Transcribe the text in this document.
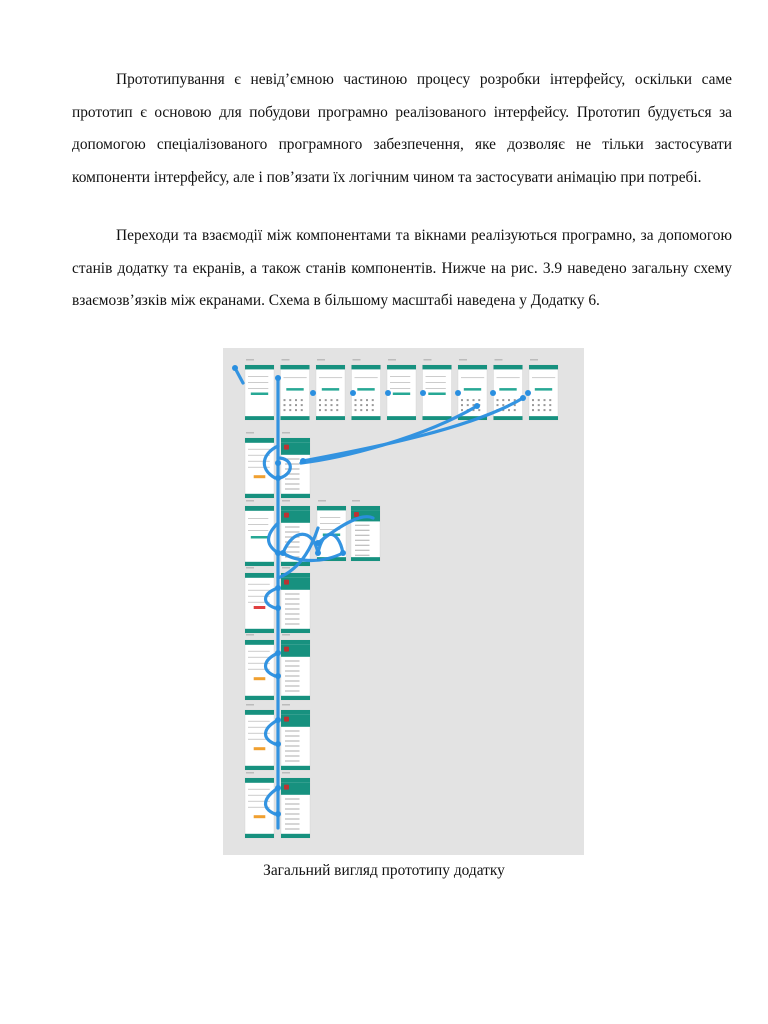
Прототипування є невід’ємною частиною процесу розробки інтерфейсу, оскільки саме прототип є основою для побудови програмно реалізованого інтерфейсу. Прототип будується за допомогою спеціалізованого програмного забезпечення, яке дозволяє не тільки застосувати компоненти інтерфейсу, але і пов’язати їх логічним чином та застосувати анімацію при потребі.

Переходи та взаємодії між компонентами та вікнами реалізуються програмно, за допомогою станів додатку та екранів, а також станів компонентів. Нижче на рис. 3.9 наведено загальну схему взаємозв’язків між екранами. Схема в більшому масштабі наведена у Додатку 6.

Загальний вигляд прототипу додатку
